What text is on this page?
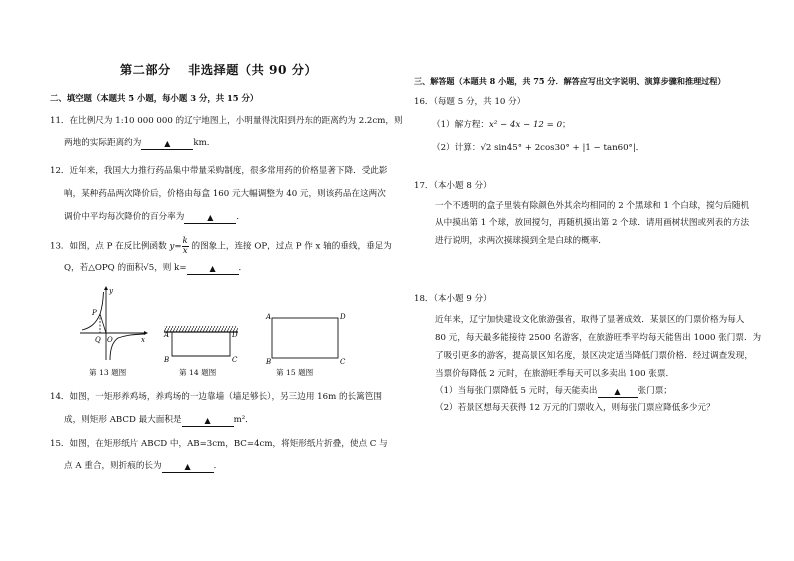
第二部分　 非选择题（共 90 分）
二、填空题（本题共 5 小题，每小题 3 分，共 15 分）
11．在比例尺为 1:10 000 000 的辽宁地图上，小明量得沈阳到丹东的距离约为 2.2cm，则
两地的实际距离约为	▲	km.
12．近年来，我国大力推行药品集中带量采购制度，很多常用药的价格显著下降．受此影
响，某种药品两次降价后，价格由每盒 160 元大幅调整为 40 元，则该药品在这两次
调价中平均每次降价的百分率为	▲	．
13．如图，点 P 在反比例函数 $y= \frac{k}{x}$ 的图象上，连接 OP，过点 P 作 x 轴的垂线，垂足为
Q，若△OPQ 的面积√5，则 k=	▲	．
y
x
P
Q O
第 13 题图
A
B	C
D
第 14 题图
A	D
B	C
第 15 题图
14．如图，一矩形养鸡场，养鸡场的一边靠墙（墙足够长），另三边用 16m 的长篱笆围
成，则矩形 ABCD 最大面积是	▲	m²．
15．如图，在矩形纸片 ABCD 中，AB=3cm，BC=4cm，将矩形纸片折叠，使点 C 与
点 A 重合，则折痕的长为	▲	．
三、解答题（本题共 8 小题，共 75 分．解答应写出文字说明、演算步骤和推理过程）
16．（每题 5 分，共 10 分）
（1）解方程：x² − 4x − 12 = 0；
（2）计算：√2 sin45° + 2cos30° + |1 − tan60°|．
17．（本小题 8 分）
一个不透明的盒子里装有除颜色外其余均相同的 2 个黑球和 1 个白球，搅匀后随机
从中摸出第 1 个球，放回搅匀，再随机摸出第 2 个球．请用画树状图或列表的方法
进行说明，求两次摸球摸到全是白球的概率．
18．（本小题 9 分）
近年来，辽宁加快建设文化旅游强省，取得了显著成效．某景区的门票价格为每人
80 元，每天最多能接待 2500 名游客，在旅游旺季平均每天能售出 1000 张门票．为
了吸引更多的游客，提高景区知名度，景区决定适当降低门票价格．经过调查发现，
当票价每降低 2 元时，在旅游旺季每天可以多卖出 100 张票．
（1）当每张门票降低 5 元时，每天能卖出 ▲ 张门票；
（2）若景区想每天获得 12 万元的门票收入，则每张门票应降低多少元？
